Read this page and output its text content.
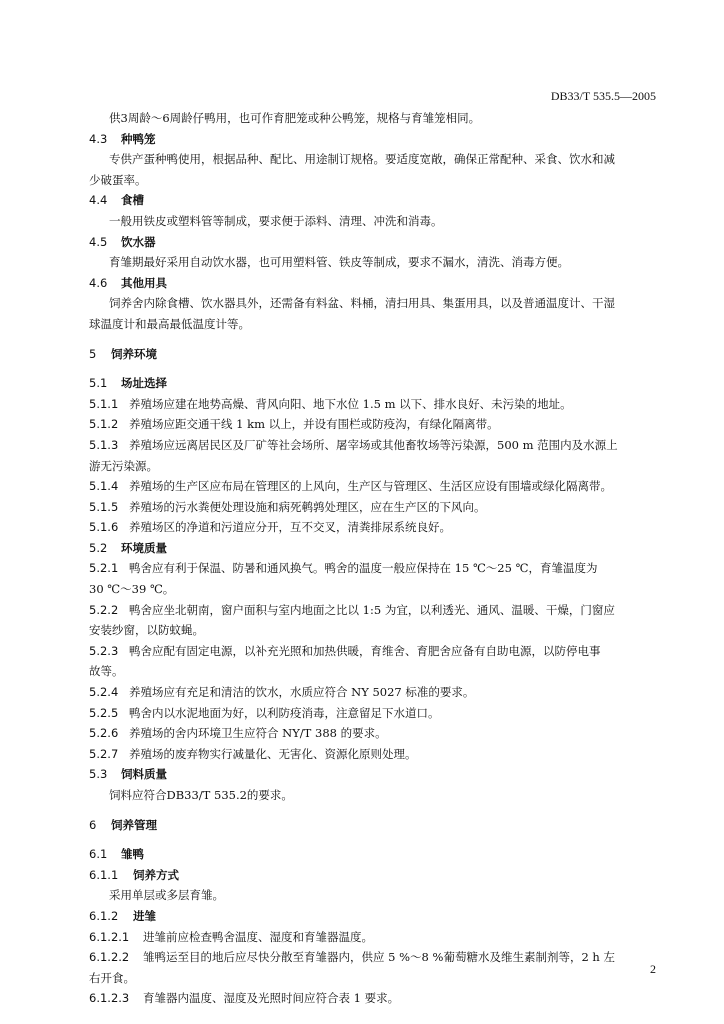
DB33/T 535.5—2005
供3周龄～6周龄仔鸭用，也可作育肥笼或种公鸭笼，规格与育雏笼相同。
4.3 种鸭笼
专供产蛋种鸭使用，根据品种、配比、用途制订规格。要适度宽敞，确保正常配种、采食、饮水和减
少破蛋率。
4.4 食槽
一般用铁皮或塑料管等制成，要求便于添料、清理、冲洗和消毒。
4.5 饮水器
育雏期最好采用自动饮水器，也可用塑料管、铁皮等制成，要求不漏水，清洗、消毒方便。
4.6 其他用具
饲养舍内除食槽、饮水器具外，还需备有料盆、料桶，清扫用具、集蛋用具，以及普通温度计、干湿
球温度计和最高最低温度计等。
5 饲养环境
5.1 场址选择
5.1.1 养殖场应建在地势高燥、背风向阳、地下水位 1.5 m 以下、排水良好、未污染的地址。
5.1.2 养殖场应距交通干线 1 km 以上，并设有围栏或防疫沟，有绿化隔离带。
5.1.3 养殖场应远离居民区及厂矿等社会场所、屠宰场或其他畜牧场等污染源，500 m 范围内及水源上
游无污染源。
5.1.4 养殖场的生产区应布局在管理区的上风向，生产区与管理区、生活区应设有围墙或绿化隔离带。
5.1.5 养殖场的污水粪便处理设施和病死鹌鹑处理区，应在生产区的下风向。
5.1.6 养殖场区的净道和污道应分开，互不交叉，清粪排尿系统良好。
5.2 环境质量
5.2.1 鸭舍应有利于保温、防暑和通风换气。鸭舍的温度一般应保持在 15 ℃～25 ℃，育雏温度为
30 ℃～39 ℃。
5.2.2 鸭舍应坐北朝南，窗户面积与室内地面之比以 1:5 为宜，以利透光、通风、温暖、干燥，门窗应
安装纱窗，以防蚊蝇。
5.2.3 鸭舍应配有固定电源，以补充光照和加热供暖，育维舍、育肥舍应备有自助电源，以防停电事
故等。
5.2.4 养殖场应有充足和清洁的饮水，水质应符合 NY 5027 标准的要求。
5.2.5 鸭舍内以水泥地面为好，以利防疫消毒，注意留足下水道口。
5.2.6 养殖场的舍内环境卫生应符合 NY/T 388 的要求。
5.2.7 养殖场的废弃物实行减量化、无害化、资源化原则处理。
5.3 饲料质量
饲料应符合DB33/T 535.2的要求。
6 饲养管理
6.1 雏鸭
6.1.1 饲养方式
采用单层或多层育雏。
6.1.2 进雏
6.1.2.1 进雏前应检查鸭舍温度、湿度和育雏器温度。
6.1.2.2 雏鸭运至目的地后应尽快分散至育雏器内，供应 5 %～8 %葡萄糖水及维生素制剂等，2 h 左
右开食。
6.1.2.3 育雏器内温度、湿度及光照时间应符合表 1 要求。
2
